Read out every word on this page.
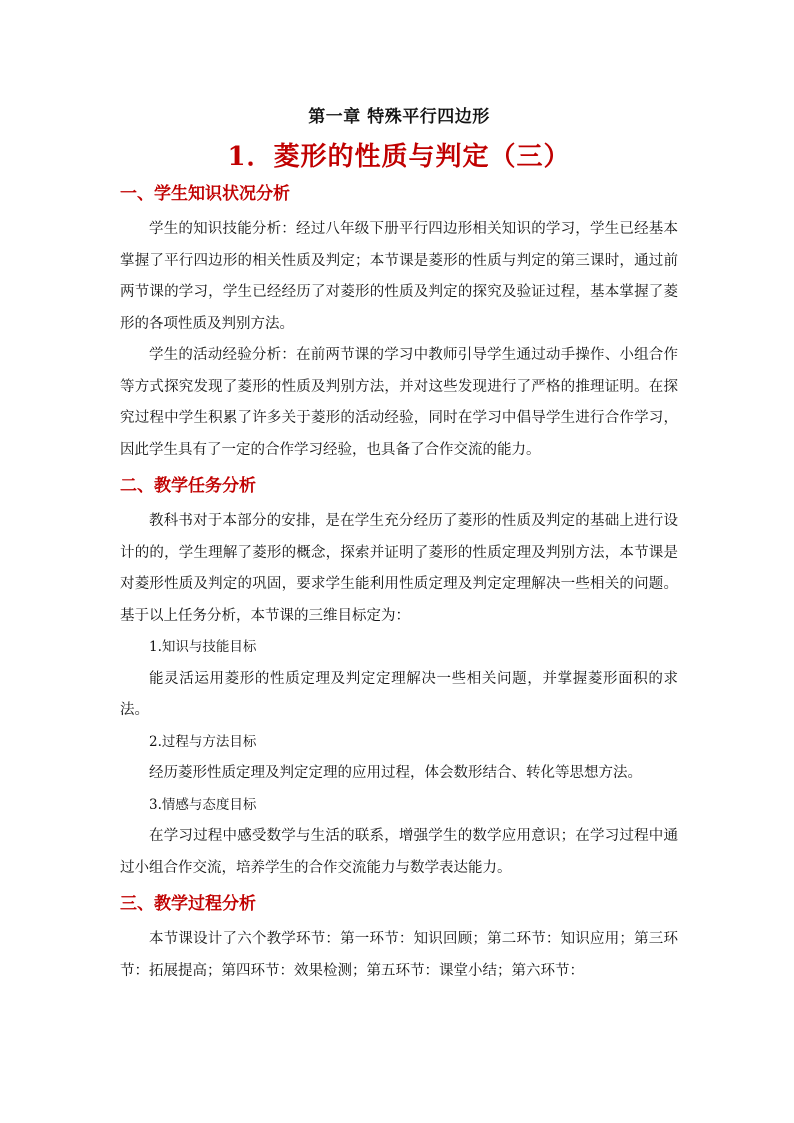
第一章 特殊平行四边形

1．菱形的性质与判定（三）

一、学生知识状况分析

学生的知识技能分析：经过八年级下册平行四边形相关知识的学习，学生已经基本掌握了平行四边形的相关性质及判定；本节课是菱形的性质与判定的第三课时，通过前两节课的学习，学生已经经历了对菱形的性质及判定的探究及验证过程，基本掌握了菱形的各项性质及判别方法。

学生的活动经验分析：在前两节课的学习中教师引导学生通过动手操作、小组合作等方式探究发现了菱形的性质及判别方法，并对这些发现进行了严格的推理证明。在探究过程中学生积累了许多关于菱形的活动经验，同时在学习中倡导学生进行合作学习，因此学生具有了一定的合作学习经验，也具备了合作交流的能力。

二、教学任务分析

教科书对于本部分的安排，是在学生充分经历了菱形的性质及判定的基础上进行设计的的，学生理解了菱形的概念，探索并证明了菱形的性质定理及判别方法，本节课是对菱形性质及判定的巩固，要求学生能利用性质定理及判定定理解决一些相关的问题。基于以上任务分析，本节课的三维目标定为：

1.知识与技能目标

能灵活运用菱形的性质定理及判定定理解决一些相关问题，并掌握菱形面积的求法。

2.过程与方法目标

经历菱形性质定理及判定定理的应用过程，体会数形结合、转化等思想方法。

3.情感与态度目标

在学习过程中感受数学与生活的联系，增强学生的数学应用意识；在学习过程中通过小组合作交流，培养学生的合作交流能力与数学表达能力。

三、教学过程分析

本节课设计了六个教学环节：第一环节：知识回顾；第二环节：知识应用；第三环节：拓展提高；第四环节：效果检测；第五环节：课堂小结；第六环节：
